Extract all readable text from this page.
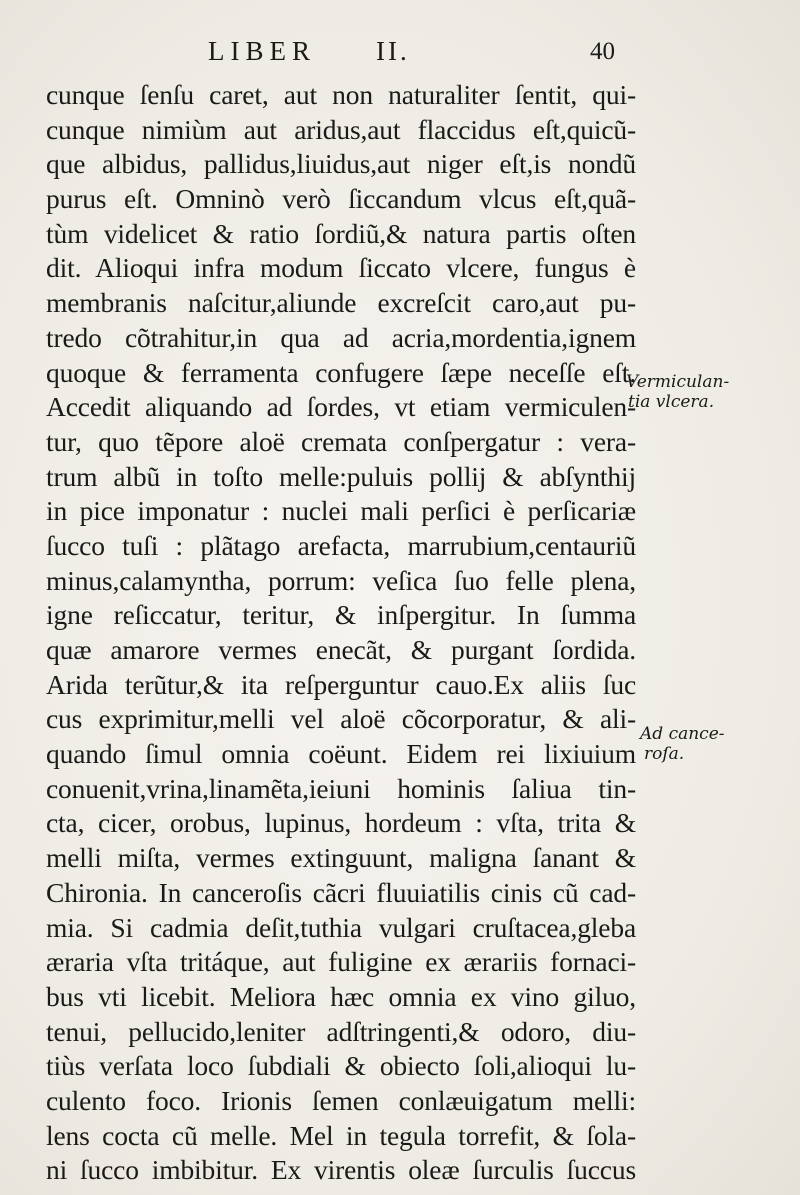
LIBER II.	40
cunque ſenſu caret, aut non naturaliter ſentit, qui-
cunque nimiùm aut aridus,aut flaccidus eſt,quicũ-
que albidus, pallidus,liuidus,aut niger eſt,is nondũ
purus eſt. Omninò verò ſiccandum vlcus eſt,quã-
tùm videlicet & ratio ſordiũ,& natura partis oſten
dit. Alioqui infra modum ſiccato vlcere, fungus è
membranis naſcitur,aliunde excreſcit caro,aut pu-
tredo cõtrahitur,in qua ad acria,mordentia,ignem
quoque & ferramenta confugere ſæpe neceſſe eſt.
Accedit aliquando ad ſordes, vt etiam vermiculen-
tur, quo tẽpore aloë cremata conſpergatur : vera-
trum albũ in toſto melle:puluis pollij & abſynthij
in pice imponatur : nuclei mali perſici è perſicariæ
ſucco tuſi : plãtago arefacta, marrubium,centauriũ
minus,calamyntha, porrum: veſica ſuo felle plena,
igne reſiccatur, teritur, & inſpergitur. In ſumma
quæ amarore vermes enecãt, & purgant ſordida.
Arida terũtur,& ita reſperguntur cauo.Ex aliis ſuc
cus exprimitur,melli vel aloë cõcorporatur, & ali-
quando ſimul omnia coëunt. Eidem rei lixiuium
conuenit,vrina,linamẽta,ieiuni hominis ſaliua tin-
cta, cicer, orobus, lupinus, hordeum : vſta, trita &
melli miſta, vermes extinguunt, maligna ſanant &
Chironia. In canceroſis cãcri fluuiatilis cinis cũ cad-
mia. Si cadmia deſit,tuthia vulgari cruſtacea,gleba
æraria vſta tritáque, aut fuligine ex ærariis fornaci-
bus vti licebit. Meliora hæc omnia ex vino giluo,
tenui, pellucido,leniter adſtringenti,& odoro, diu-
tiùs verſata loco ſubdiali & obiecto ſoli,alioqui lu-
culento foco. Irionis ſemen conlæuigatum melli:
lens cocta cũ melle. Mel in tegula torrefit, & ſola-
ni ſucco imbibitur. Ex virentis oleæ ſurculis ſuccus
Vermiculan-
tia vlcera.
Ad cance-
roſa.
